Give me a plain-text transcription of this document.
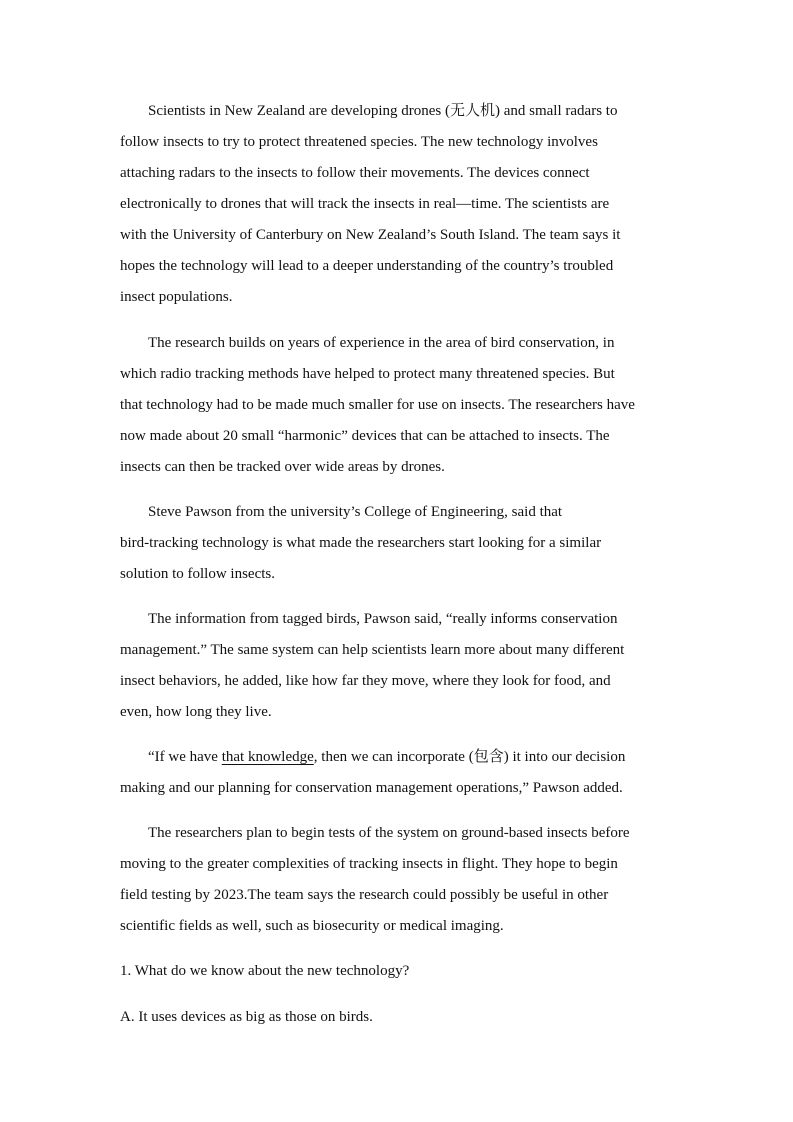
Scientists in New Zealand are developing drones (无人机) and small radars to
follow insects to try to protect threatened species. The new technology involves
attaching radars to the insects to follow their movements. The devices connect
electronically to drones that will track the insects in real—time. The scientists are
with the University of Canterbury on New Zealand’s South Island. The team says it
hopes the technology will lead to a deeper understanding of the country’s troubled
insect populations.

The research builds on years of experience in the area of bird conservation, in
which radio tracking methods have helped to protect many threatened species. But
that technology had to be made much smaller for use on insects. The researchers have
now made about 20 small “harmonic” devices that can be attached to insects. The
insects can then be tracked over wide areas by drones.

Steve Pawson from the university’s College of Engineering, said that
bird-tracking technology is what made the researchers start looking for a similar
solution to follow insects.

The information from tagged birds, Pawson said, “really informs conservation
management.” The same system can help scientists learn more about many different
insect behaviors, he added, like how far they move, where they look for food, and
even, how long they live.

“If we have that knowledge, then we can incorporate (包含) it into our decision
making and our planning for conservation management operations,” Pawson added.

The researchers plan to begin tests of the system on ground-based insects before
moving to the greater complexities of tracking insects in flight. They hope to begin
field testing by 2023.The team says the research could possibly be useful in other
scientific fields as well, such as biosecurity or medical imaging.

1. What do we know about the new technology?

A. It uses devices as big as those on birds.
